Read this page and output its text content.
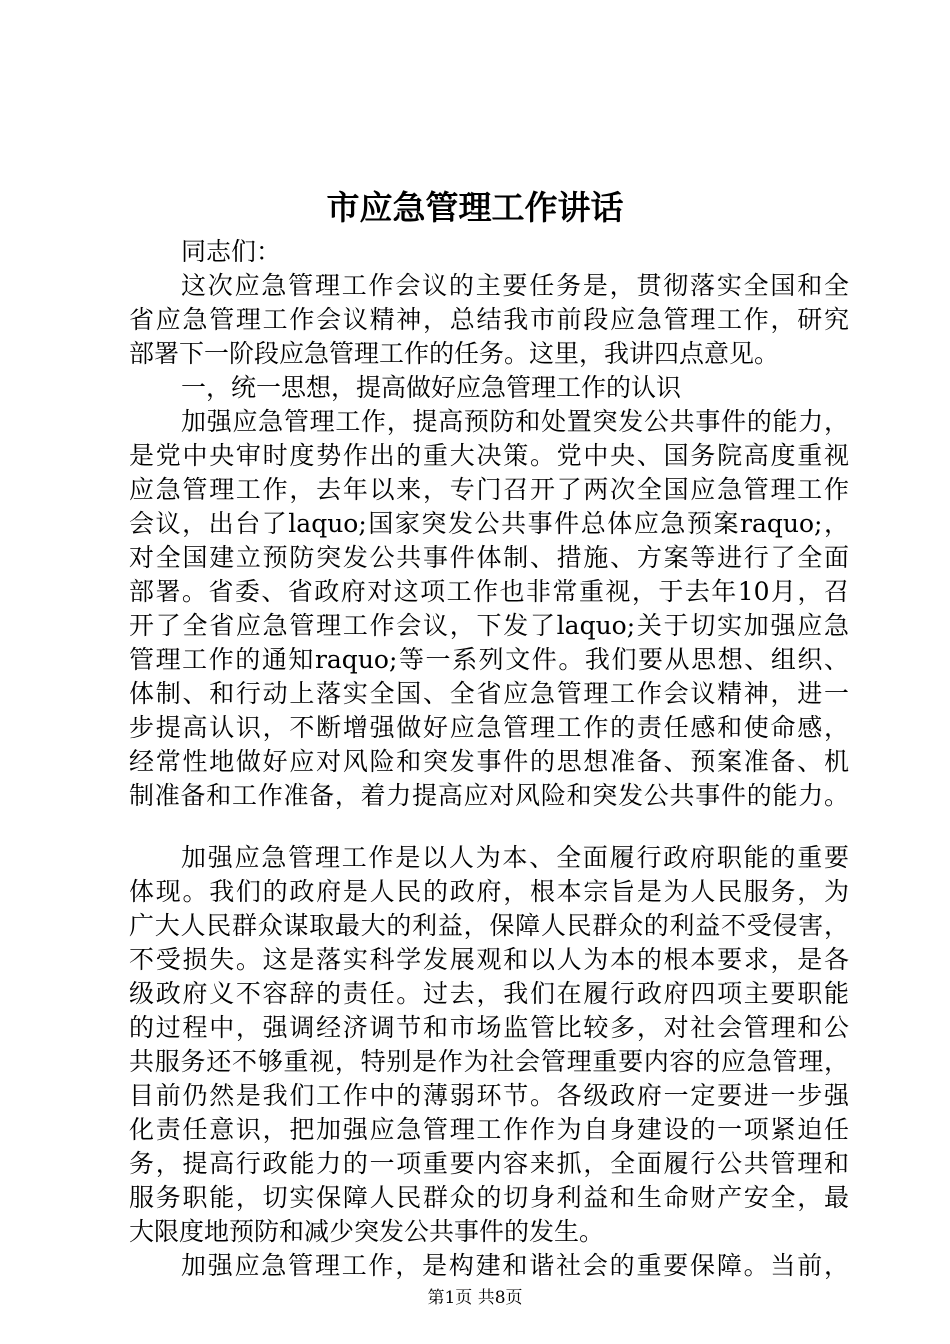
市应急管理工作讲话
同志们：
这次应急管理工作会议的主要任务是，贯彻落实全国和全
省应急管理工作会议精神，总结我市前段应急管理工作，研究
部署下一阶段应急管理工作的任务。这里，我讲四点意见。
一，统一思想，提高做好应急管理工作的认识
加强应急管理工作，提高预防和处置突发公共事件的能力，
是党中央审时度势作出的重大决策。党中央、国务院高度重视
应急管理工作，去年以来，专门召开了两次全国应急管理工作
会议，出台了laquo;国家突发公共事件总体应急预案raquo;，
对全国建立预防突发公共事件体制、措施、方案等进行了全面
部署。省委、省政府对这项工作也非常重视，于去年10月，召
开了全省应急管理工作会议，下发了laquo;关于切实加强应急
管理工作的通知raquo;等一系列文件。我们要从思想、组织、
体制、和行动上落实全国、全省应急管理工作会议精神，进一
步提高认识，不断增强做好应急管理工作的责任感和使命感，
经常性地做好应对风险和突发事件的思想准备、预案准备、机
制准备和工作准备，着力提高应对风险和突发公共事件的能力。
加强应急管理工作是以人为本、全面履行政府职能的重要
体现。我们的政府是人民的政府，根本宗旨是为人民服务，为
广大人民群众谋取最大的利益，保障人民群众的利益不受侵害，
不受损失。这是落实科学发展观和以人为本的根本要求，是各
级政府义不容辞的责任。过去，我们在履行政府四项主要职能
的过程中，强调经济调节和市场监管比较多，对社会管理和公
共服务还不够重视，特别是作为社会管理重要内容的应急管理，
目前仍然是我们工作中的薄弱环节。各级政府一定要进一步强
化责任意识，把加强应急管理工作作为自身建设的一项紧迫任
务，提高行政能力的一项重要内容来抓，全面履行公共管理和
服务职能，切实保障人民群众的切身利益和生命财产安全，最
大限度地预防和减少突发公共事件的发生。
加强应急管理工作，是构建和谐社会的重要保障。当前，
第1页 共8页
